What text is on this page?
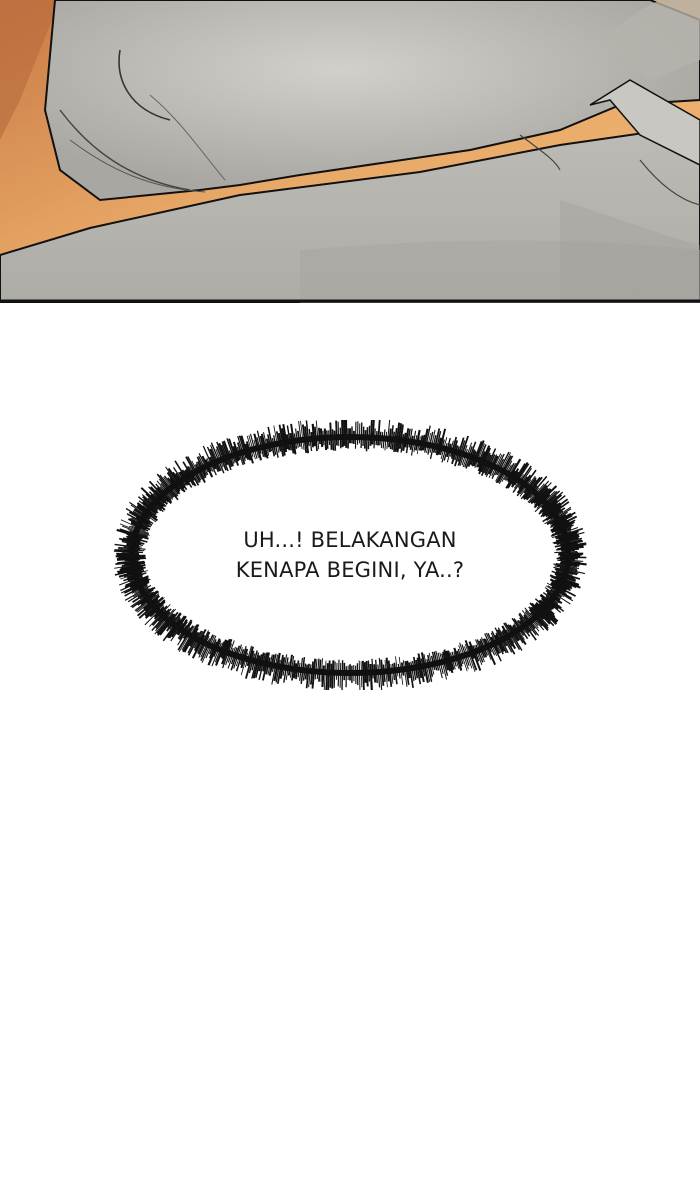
UH...! BELAKANGAN
KENAPA BEGINI, YA..?
